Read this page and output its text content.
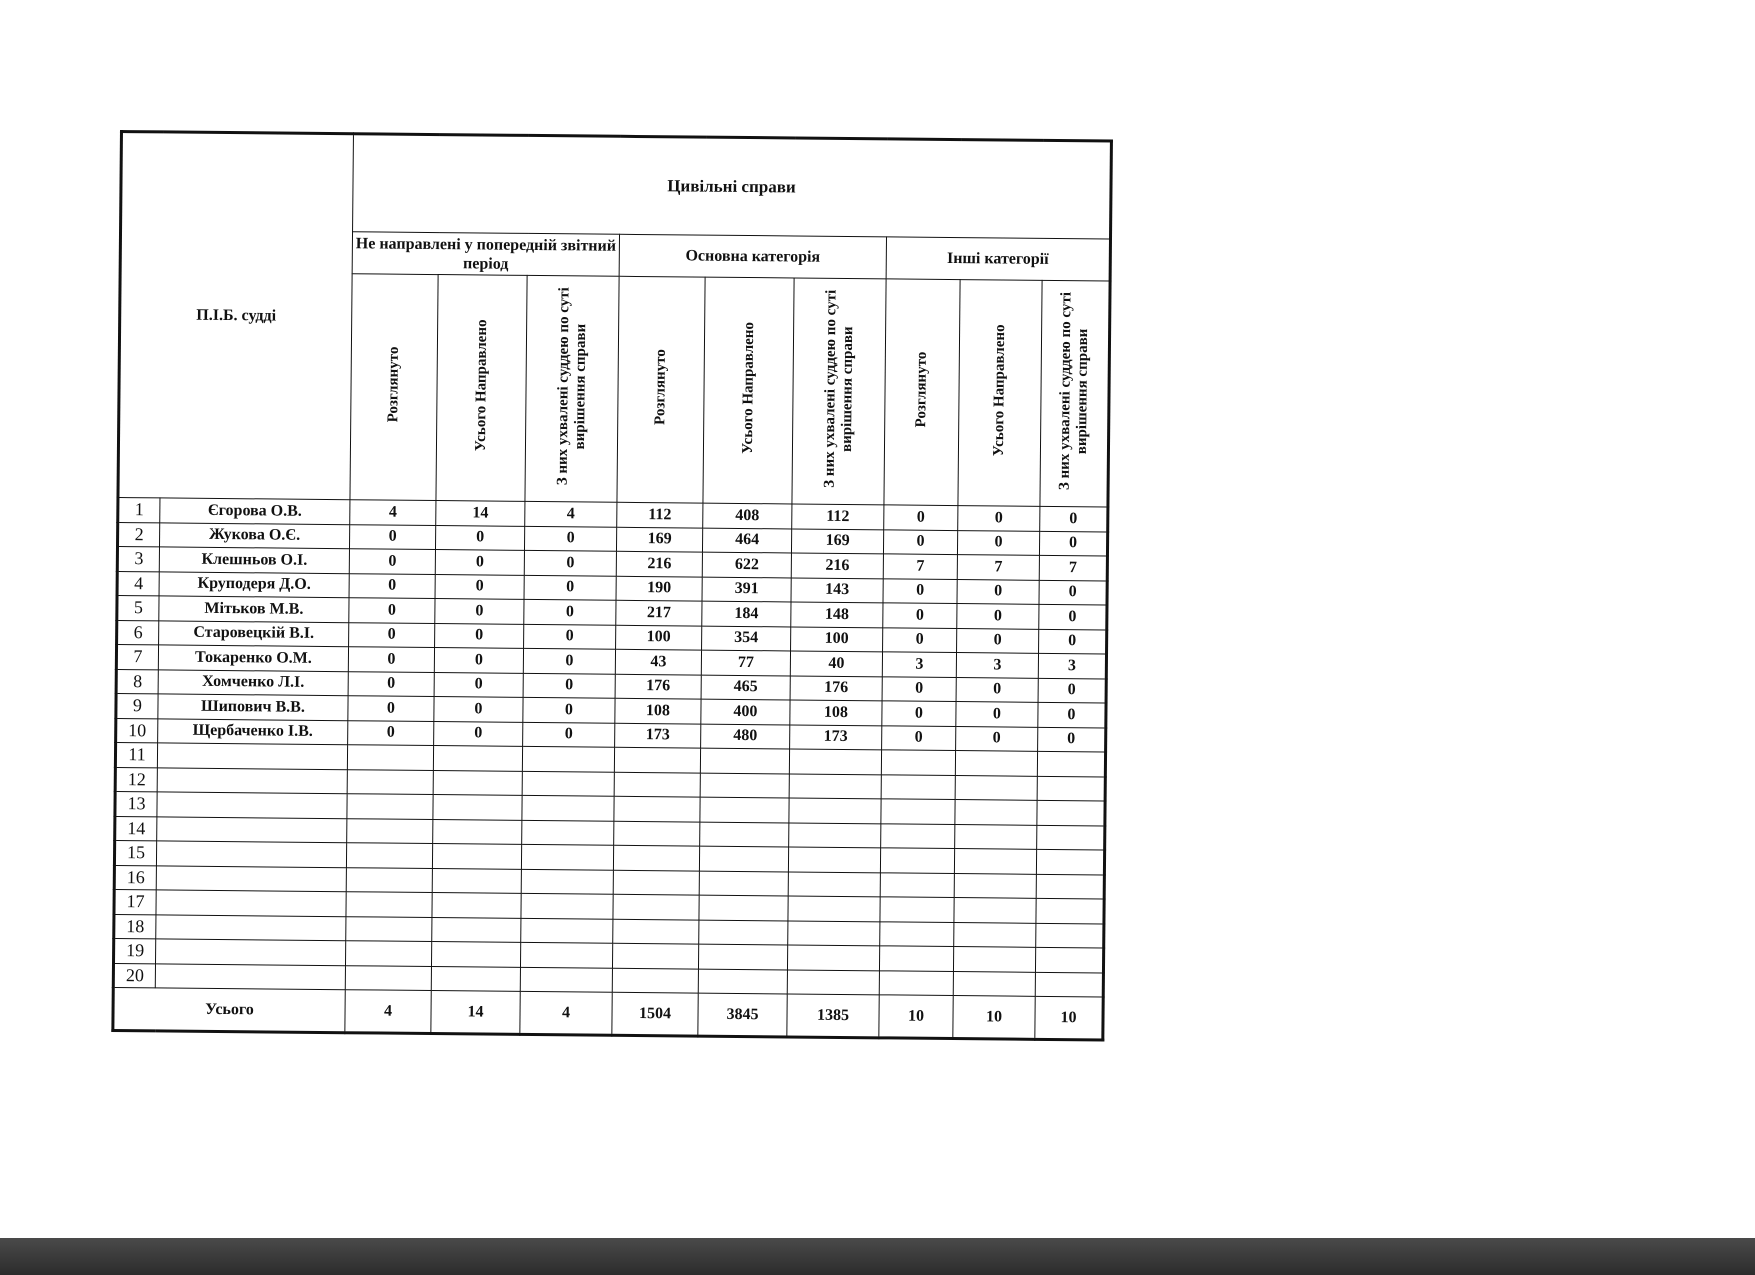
П.І.Б. судді		Цивільні справи								
		Не направлені у попередній звітний період			Основна категорія			Інші категорії		
		Розглянуто	Усього Направлено	З них ухвалені суддею по суті вирішення справи	Розглянуто	Усього Направлено	З них ухвалені суддею по суті вирішення справи	Розглянуто	Усього Направлено	З них ухвалені суддею по суті вирішення справи
1	Єгорова О.В.	4	14	4	112	408	112	0	0	0
2	Жукова О.Є.	0	0	0	169	464	169	0	0	0
3	Клешньов О.І.	0	0	0	216	622	216	7	7	7
4	Круподеря Д.О.	0	0	0	190	391	143	0	0	0
5	Мітьков М.В.	0	0	0	217	184	148	0	0	0
6	Старовецкій В.І.	0	0	0	100	354	100	0	0	0
7	Токаренко О.М.	0	0	0	43	77	40	3	3	3
8	Хомченко Л.І.	0	0	0	176	465	176	0	0	0
9	Шипович В.В.	0	0	0	108	400	108	0	0	0
10	Щербаченко І.В.	0	0	0	173	480	173	0	0	0
11										
12										
13										
14										
15										
16										
17										
18										
19										
20										
Усього		4	14	4	1504	3845	1385	10	10	10
